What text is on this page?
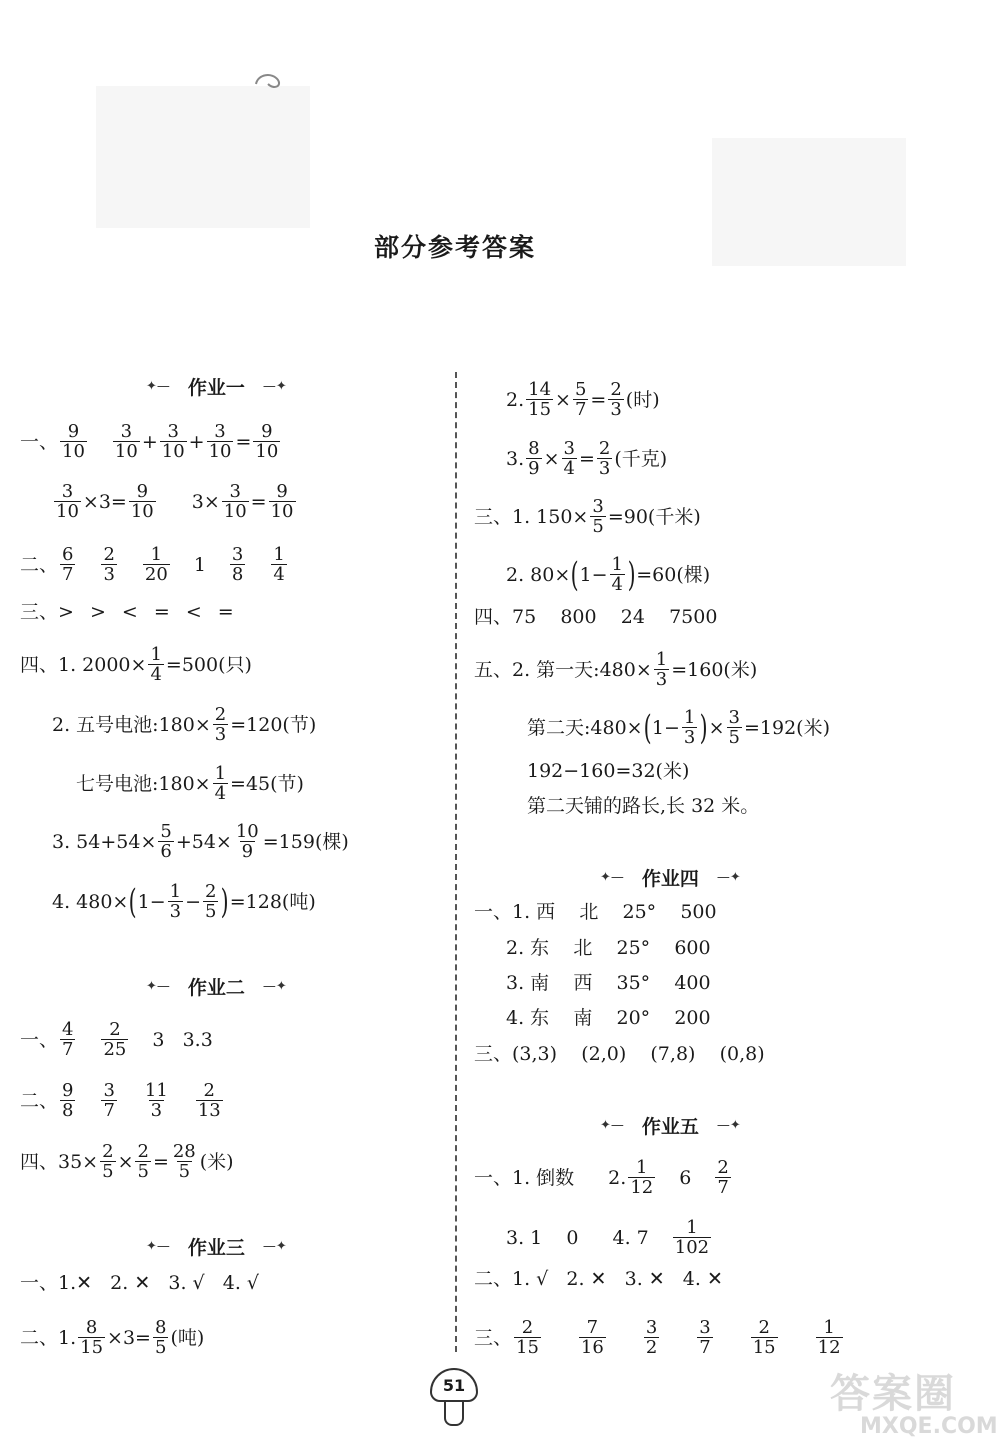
部分参考答案
✦— 作业一 —✦
一、 $\frac{9}{10} \frac{3}{10} + \frac{3}{10} + \frac{3}{10} = \frac{9}{10}$
$\frac{3}{10} \times 3= \frac{9}{10} 3\times \frac{3}{10} = \frac{9}{10}$
二、 $\frac{6}{7} \frac{2}{3} \frac{1}{20} 1 \frac{3}{8} \frac{1}{4}$
三、> > < = < =
四、1. $2000\times \frac{1}{4} =500$(只)
2. 五号电池:180× $\frac{2}{3} =120$(节)
七号电池:180× $\frac{1}{4} =45$(节)
3. $54+54\times \frac{5}{6} +54\times \frac{10}{9} =159$(棵)
4. 480× ( $1- \frac{1}{3} - \frac{2}{5}$ ) =128(吨)
✦— 作业二 —✦
一、 $\frac{4}{7} \frac{2}{25} 3$   3.3
二、 $\frac{9}{8} \frac{3}{7} \frac{11}{3} \frac{2}{13}$
四、$35\times \frac{2}{5} \times \frac{2}{5} = \frac{28}{5}$ (米)
✦— 作业三 —✦
一、1.✕   2. ✕   3. √   4. √
二、1. $\frac{8}{15} \times 3= \frac{8}{5}$ (吨)
2. $\frac{14}{15} \times \frac{5}{7} = \frac{2}{3}$ (时)
3. $\frac{8}{9} \times \frac{3}{4} = \frac{2}{3}$ (千克)
三、1. $150\times \frac{3}{5} =90$(千米)
2. 80× ( $1- \frac{1}{4}$ ) =60(棵)
四、75    800    24    7500
五、2. 第一天:480× $\frac{1}{3} =160$(米)
第二天:480× ( $1- \frac{1}{3}$ ) × $\frac{3}{5} =192$(米)
192−160=32(米)
第二天铺的路长,长 32 米。
✦— 作业四 —✦
一、1. 西    北    25°    500
2. 东    北    25°    600
3. 南    西    35°    400
4. 东    南    20°    200
三、(3,3)    (2,0)    (7,8)    (0,8)
✦— 作业五 —✦
一、1. 倒数 2. $\frac{1}{12} 6 \frac{2}{7}$
3. 1    0 4. $7 \frac{1}{102}$
二、1. √   2. ✕   3. ✕   4. ✕
三、 $\frac{2}{15} \frac{7}{16} \frac{3}{2} \frac{3}{7} \frac{2}{15} \frac{1}{12}$
51	答案圈
MXQE.COM
